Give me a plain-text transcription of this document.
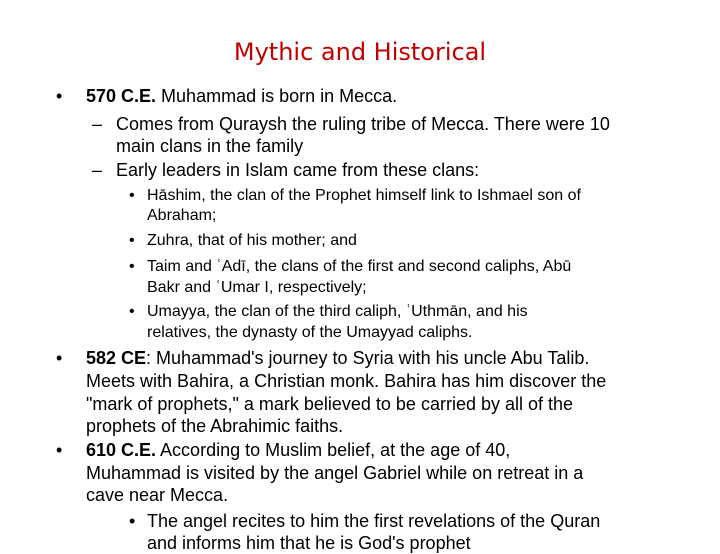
Mythic and Historical
• 570 C.E. Muhammad is born in Mecca.
– Comes from Quraysh the ruling tribe of Mecca. There were 10
main clans in the family
– Early leaders in Islam came from these clans:
• Hāshim, the clan of the Prophet himself link to Ishmael son of
Abraham;
• Zuhra, that of his mother; and
• Taim and ʿAdī, the clans of the first and second caliphs, Abū
Bakr and ʿUmar I, respectively;
• Umayya, the clan of the third caliph, ʿUthmān, and his
relatives, the dynasty of the Umayyad caliphs.
• 582 CE: Muhammad's journey to Syria with his uncle Abu Talib.
Meets with Bahira, a Christian monk. Bahira has him discover the
"mark of prophets," a mark believed to be carried by all of the
prophets of the Abrahimic faiths.
• 610 C.E. According to Muslim belief, at the age of 40,
Muhammad is visited by the angel Gabriel while on retreat in a
cave near Mecca.
• The angel recites to him the first revelations of the Quran
and informs him that he is God's prophet
